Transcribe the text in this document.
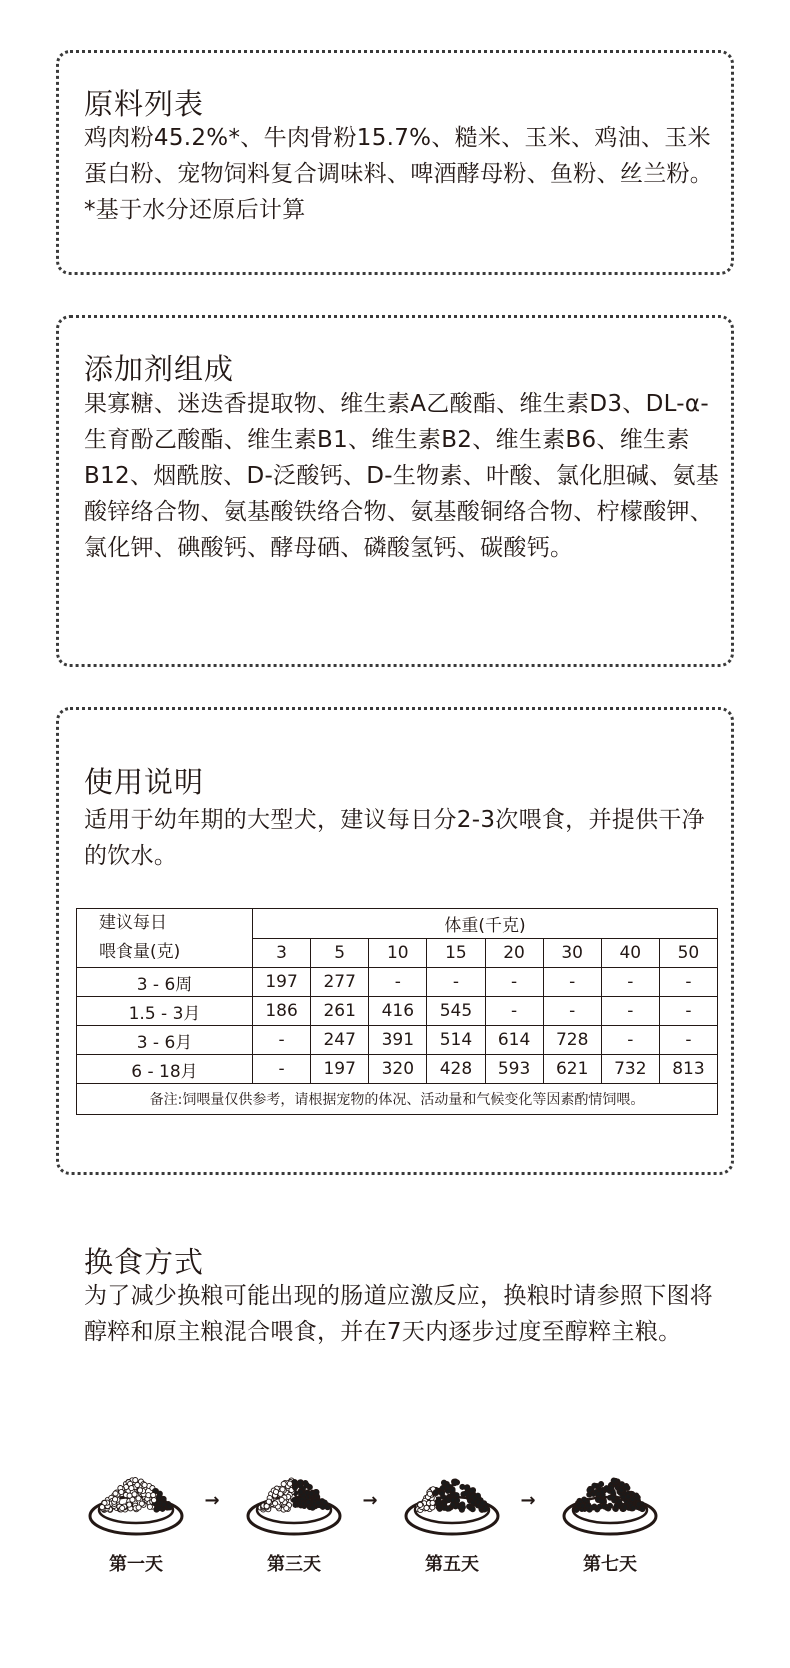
原料列表
鸡肉粉45.2%*、牛肉骨粉15.7%、糙米、玉米、鸡油、玉米蛋白粉、宠物饲料复合调味料、啤酒酵母粉、鱼粉、丝兰粉。*基于水分还原后计算
添加剂组成
果寡糖、迷迭香提取物、维生素A乙酸酯、维生素D3、DL-α-生育酚乙酸酯、维生素B1、维生素B2、维生素B6、维生素B12、烟酰胺、D-泛酸钙、D-生物素、叶酸、氯化胆碱、氨基酸锌络合物、氨基酸铁络合物、氨基酸铜络合物、柠檬酸钾、氯化钾、碘酸钙、酵母硒、磷酸氢钙、碳酸钙。
使用说明
适用于幼年期的大型犬，建议每日分2-3次喂食，并提供干净的饮水。
建议每日
喂食量(克)	体重(千克)							
	3	5	10	15	20	30	40	50
3 - 6周	197	277	-	-	-	-	-	-
1.5 - 3月	186	261	416	545	-	-	-	-
3 - 6月	-	247	391	514	614	728	-	-
6 - 18月	-	197	320	428	593	621	732	813
备注:饲喂量仅供参考，请根据宠物的体况、活动量和气候变化等因素酌情饲喂。								
换食方式
为了减少换粮可能出现的肠道应激反应，换粮时请参照下图将醇粹和原主粮混合喂食，并在7天内逐步过度至醇粹主粮。
第一天
→
第三天
→
第五天
→
第七天
